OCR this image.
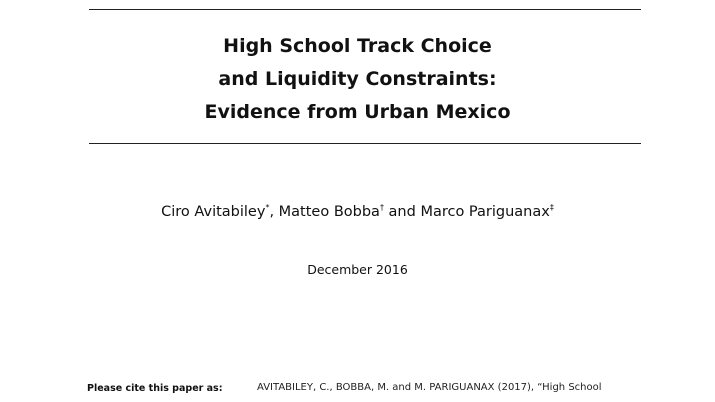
High School Track Choice
and Liquidity Constraints:
Evidence from Urban Mexico
Ciro Avitabiley*, Matteo Bobba† and Marco Pariguanax‡
December 2016
Please cite this paper as:	AVITABILEY, C., BOBBA, M. and M. PARIGUANAX (2017), “High School
